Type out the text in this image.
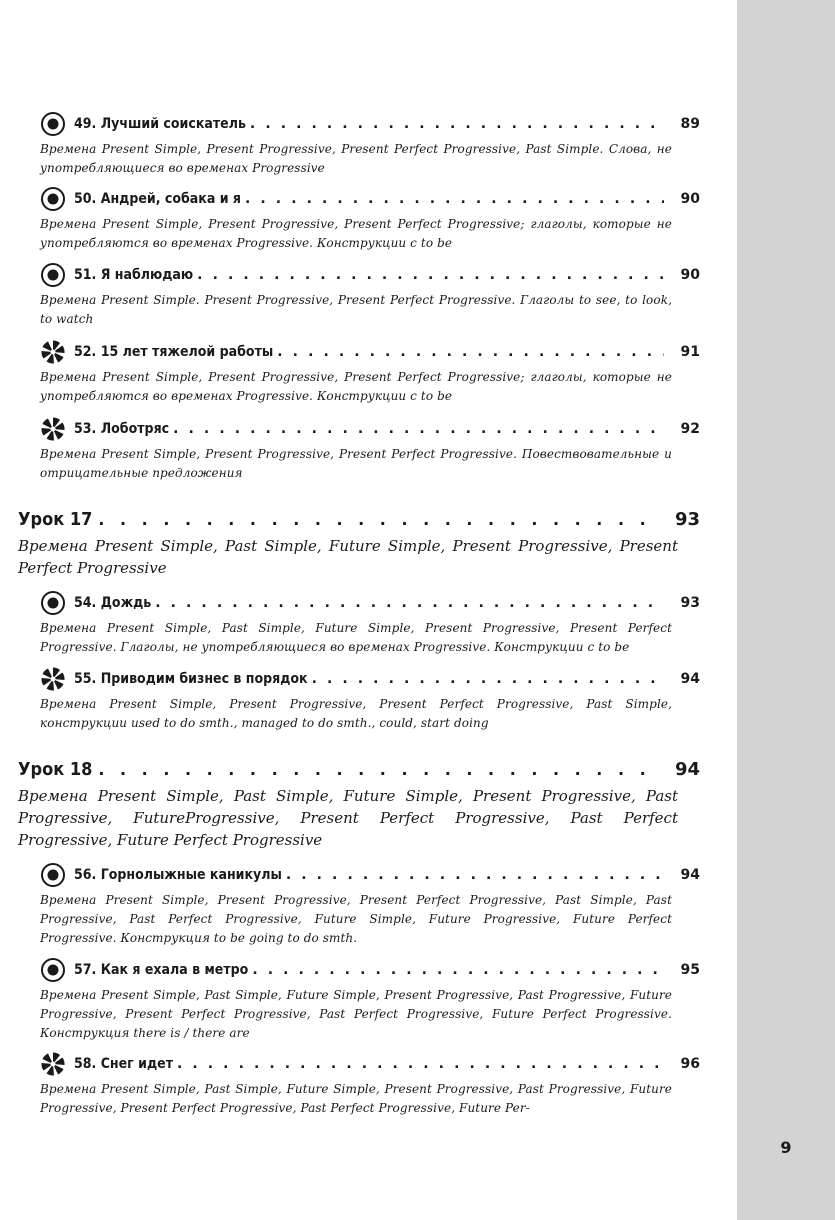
9
49. Лучший соискатель . . .	89
Времена Present Simple, Present Progressive, Present Perfect Progressive, Past Simple. Слова, не употребляющиеся во временах Progressive
50. Андрей, собака и я . . .	90
Времена Present Simple, Present Progressive, Present Perfect Progressive; глаголы, которые не употребляются во временах Progressive. Конструкции с to be
51. Я наблюдаю . . .	90
Времена Present Simple. Present Progressive, Present Perfect Progressive. Глаголы to see, to look, to watch
52. 15 лет тяжелой работы . . .	91
Времена Present Simple, Present Progressive, Present Perfect Progressive; глаголы, которые не употребляются во временах Progressive. Конструкции с to be
53. Лоботряс . . .	92
Времена Present Simple, Present Progressive, Present Perfect Progressive. Повествовательные и отрицательные предложения
Урок 17 . . .	93
Времена Present Simple, Past Simple, Future Simple, Present Progressive, Present Perfect Progressive
54. Дождь . . .	93
Времена Present Simple, Past Simple, Future Simple, Present Progressive, Present Perfect Progressive. Глаголы, не употребляющиеся во временах Progressive. Конструкции с to be
55. Приводим бизнес в порядок . . .	94
Времена Present Simple, Present Progressive, Present Perfect Progressive, Past Simple, конструкции used to do smth., managed to do smth., could, start doing
Урок 18 . . .	94
Времена Present Simple, Past Simple, Future Simple, Present Progressive, Past Progressive, FutureProgressive, Present Perfect Progressive, Past Perfect Progressive, Future Perfect Progressive
56. Горнолыжные каникулы . . .	94
Времена Present Simple, Present Progressive, Present Perfect Progressive, Past Simple, Past Progressive, Past Perfect Progressive, Future Simple, Future Progressive, Future Perfect Progressive. Конструкция to be going to do smth.
57. Как я ехала в метро . . .	95
Времена Present Simple, Past Simple, Future Simple, Present Progressive, Past Progressive, Future Progressive, Present Perfect Progressive, Past Perfect Progressive, Future Perfect Progressive. Конструкция there is / there are
58. Снег идет . . .	96
Времена Present Simple, Past Simple, Future Simple, Present Progressive, Past Progressive, Future Progressive, Present Perfect Progressive, Past Perfect Progressive, Future Per-
